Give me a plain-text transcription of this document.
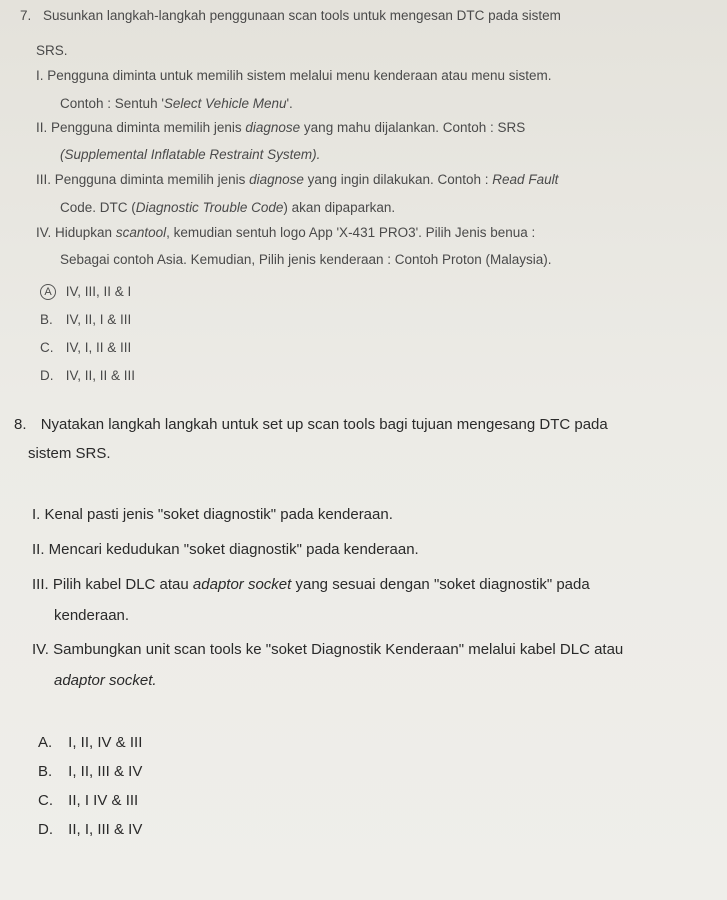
7. Susunkan langkah-langkah penggunaan scan tools untuk mengesan DTC pada sistem
SRS.
I. Pengguna diminta untuk memilih sistem melalui menu kenderaan atau menu sistem.
Contoh : Sentuh 'Select Vehicle Menu'.
II. Pengguna diminta memilih jenis diagnose yang mahu dijalankan. Contoh : SRS
(Supplemental Inflatable Restraint System).
III. Pengguna diminta memilih jenis diagnose yang ingin dilakukan. Contoh : Read Fault
Code. DTC (Diagnostic Trouble Code) akan dipaparkan.
IV. Hidupkan scantool, kemudian sentuh logo App 'X-431 PRO3'. Pilih Jenis benua :
Sebagai contoh Asia. Kemudian, Pilih jenis kenderaan : Contoh Proton (Malaysia).
A IV, III, II & I
B. IV, II, I & III
C. IV, I, II & III
D. IV, II, II & III
8. Nyatakan langkah langkah untuk set up scan tools bagi tujuan mengesang DTC pada
sistem SRS.
I. Kenal pasti jenis "soket diagnostik" pada kenderaan.
II. Mencari kedudukan "soket diagnostik" pada kenderaan.
III. Pilih kabel DLC atau adaptor socket yang sesuai dengan "soket diagnostik" pada
kenderaan.
IV. Sambungkan unit scan tools ke "soket Diagnostik Kenderaan" melalui kabel DLC atau
adaptor socket.
A. I, II, IV & III
B. I, II, III & IV
C. II, I IV & III
D. II, I, III & IV
